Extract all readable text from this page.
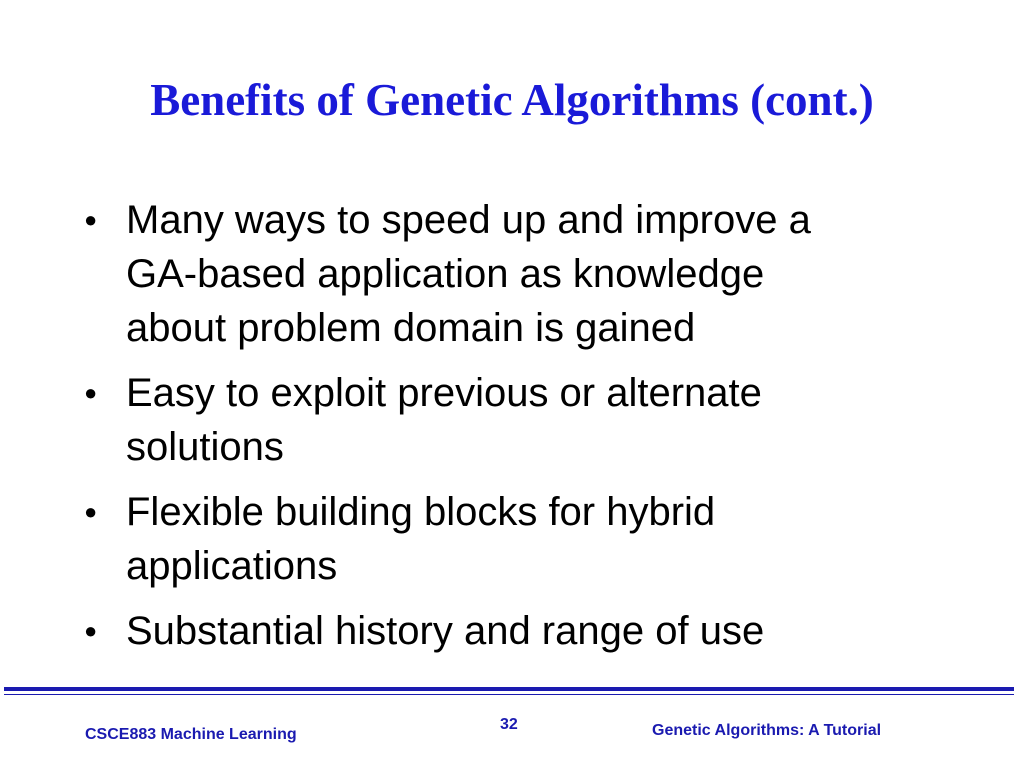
Benefits of Genetic Algorithms (cont.)
● Many ways to speed up and improve a
GA-based application as knowledge
about problem domain is gained
● Easy to exploit previous or alternate
solutions
● Flexible building blocks for hybrid
applications
● Substantial history and range of use
CSCE883 Machine Learning
32	Genetic Algorithms: A Tutorial
